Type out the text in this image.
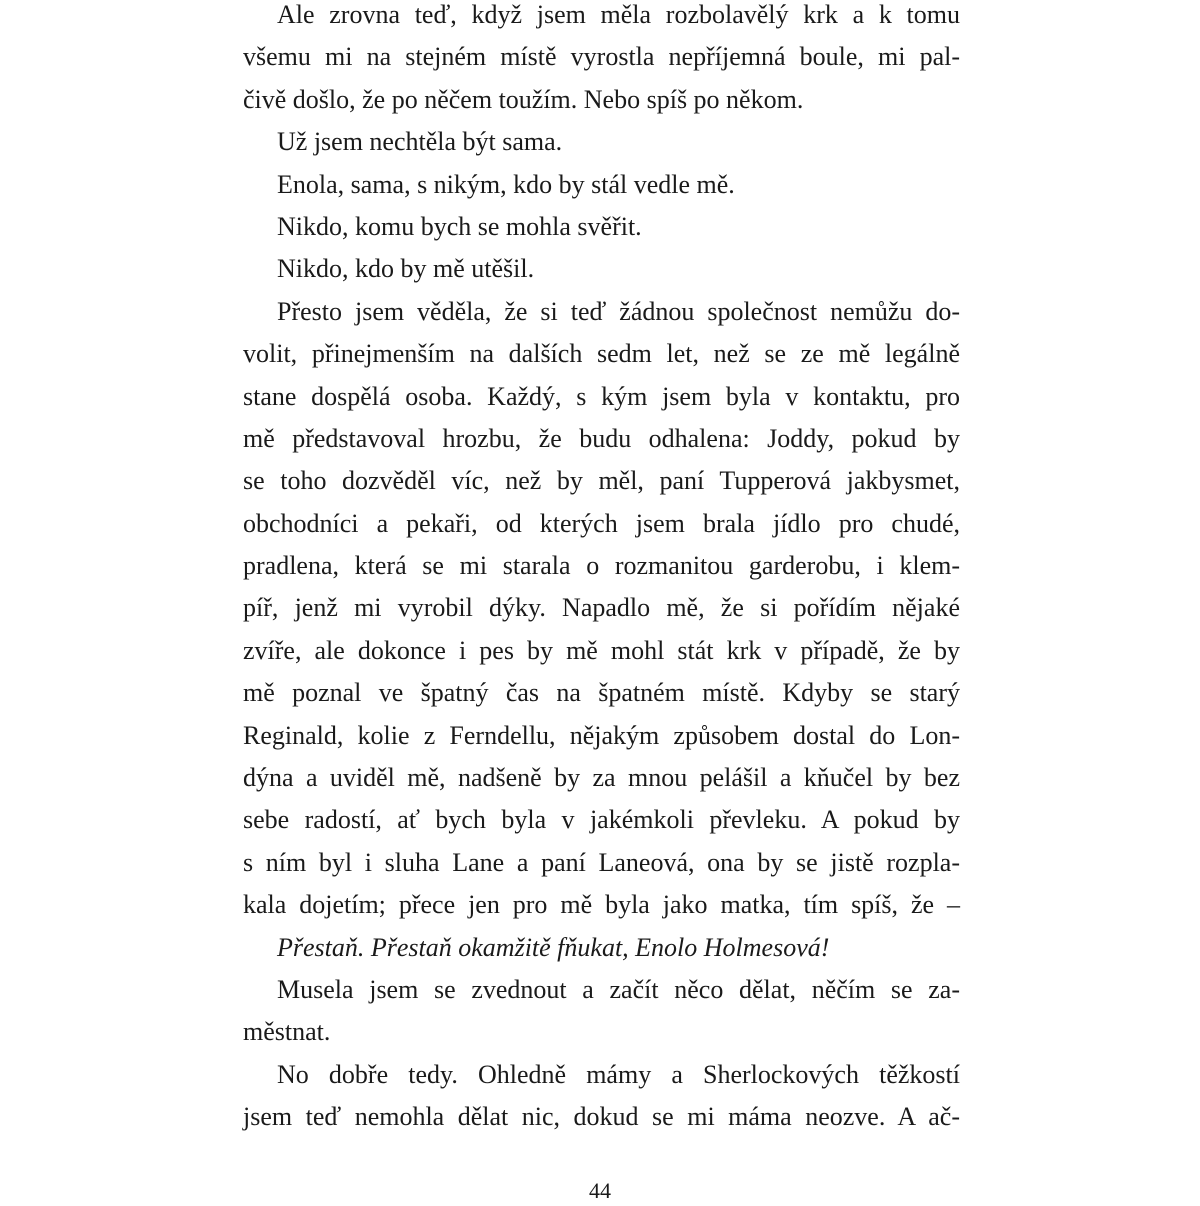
Ale zrovna teď, když jsem měla rozbolavělý krk a k tomu
všemu mi na stejném místě vyrostla nepříjemná boule, mi pal-
čivě došlo, že po něčem toužím. Nebo spíš po někom.
Už jsem nechtěla být sama.
Enola, sama, s nikým, kdo by stál vedle mě.
Nikdo, komu bych se mohla svěřit.
Nikdo, kdo by mě utěšil.
Přesto jsem věděla, že si teď žádnou společnost nemůžu do-
volit, přinejmenším na dalších sedm let, než se ze mě legálně
stane dospělá osoba. Každý, s kým jsem byla v kontaktu, pro
mě představoval hrozbu, že budu odhalena: Joddy, pokud by
se toho dozvěděl víc, než by měl, paní Tupperová jakbysmet,
obchodníci a pekaři, od kterých jsem brala jídlo pro chudé,
pradlena, která se mi starala o rozmanitou garderobu, i klem-
píř, jenž mi vyrobil dýky. Napadlo mě, že si pořídím nějaké
zvíře, ale dokonce i pes by mě mohl stát krk v případě, že by
mě poznal ve špatný čas na špatném místě. Kdyby se starý
Reginald, kolie z Ferndellu, nějakým způsobem dostal do Lon-
dýna a uviděl mě, nadšeně by za mnou pelášil a kňučel by bez
sebe radostí, ať bych byla v jakémkoli převleku. A pokud by
s ním byl i sluha Lane a paní Laneová, ona by se jistě rozpla-
kala dojetím; přece jen pro mě byla jako matka, tím spíš, že –
Přestaň. Přestaň okamžitě fňukat, Enolo Holmesová!
Musela jsem se zvednout a začít něco dělat, něčím se za-
městnat.
No dobře tedy. Ohledně mámy a Sherlockových těžkostí
jsem teď nemohla dělat nic, dokud se mi máma neozve. A ač-
44
